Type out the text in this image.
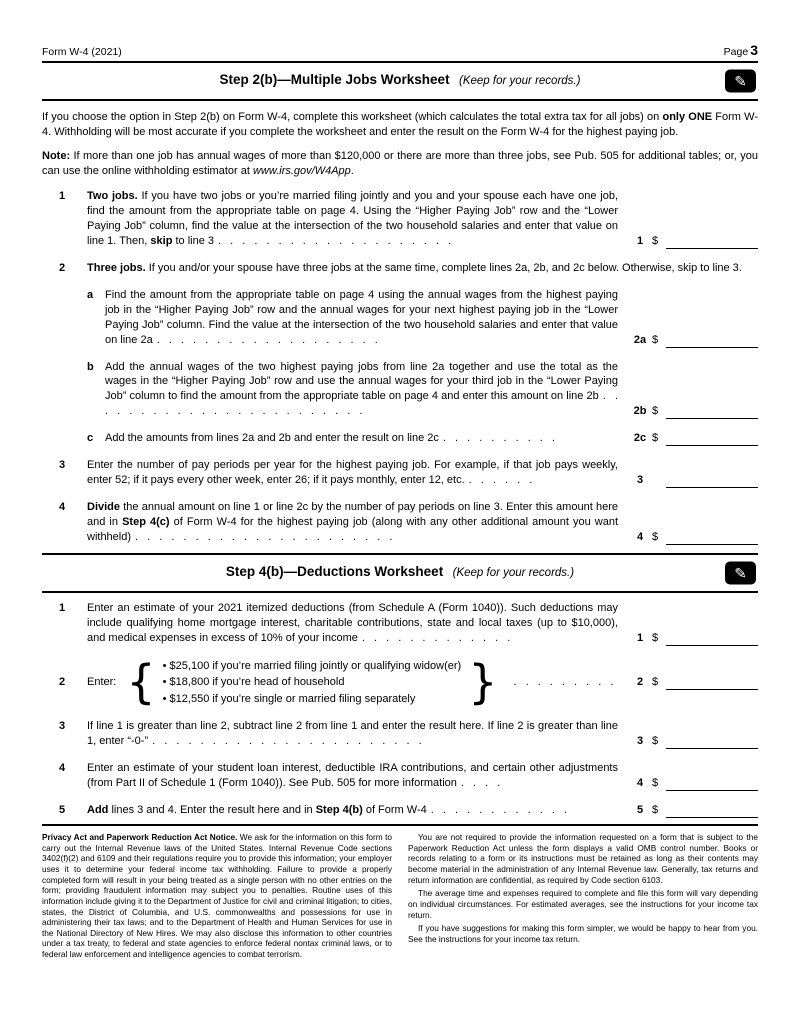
Form W-4 (2021)	Page 3
Step 2(b)—Multiple Jobs Worksheet (Keep for your records.)	✎
If you choose the option in Step 2(b) on Form W-4, complete this worksheet (which calculates the total extra tax for all jobs) on only ONE Form W-4. Withholding will be most accurate if you complete the worksheet and enter the result on the Form W-4 for the highest paying job.
Note: If more than one job has annual wages of more than $120,000 or there are more than three jobs, see Pub. 505 for additional tables; or, you can use the online withholding estimator at www.irs.gov/W4App.
1	Two jobs. If you have two jobs or you’re married filing jointly and you and your spouse each have one job, find the amount from the appropriate table on page 4. Using the “Higher Paying Job” row and the “Lower Paying Job” column, find the value at the intersection of the two household salaries and enter that value on line 1. Then, skip to line 3 . . . . . . . . . . . . . . . . . . . .	1 $
2	Three jobs. If you and/or your spouse have three jobs at the same time, complete lines 2a, 2b, and 2c below. Otherwise, skip to line 3.
a	Find the amount from the appropriate table on page 4 using the annual wages from the highest paying job in the “Higher Paying Job” row and the annual wages for your next highest paying job in the “Lower Paying Job” column. Find the value at the intersection of the two household salaries and enter that value on line 2a . . . . . . . . . . . . . . . . . . .	2a $
b	Add the annual wages of the two highest paying jobs from line 2a together and use the total as the wages in the “Higher Paying Job” row and use the annual wages for your third job in the “Lower Paying Job” column to find the amount from the appropriate table on page 4 and enter this amount on line 2b . . . . . . . . . . . . . . . . . . . . . . . .	2b $
c	Add the amounts from lines 2a and 2b and enter the result on line 2c . . . . . . . . . .	2c $
3	Enter the number of pay periods per year for the highest paying job. For example, if that job pays weekly, enter 52; if it pays every other week, enter 26; if it pays monthly, enter 12, etc. . . . . . .	3
4	Divide the annual amount on line 1 or line 2c by the number of pay periods on line 3. Enter this amount here and in Step 4(c) of Form W-4 for the highest paying job (along with any other additional amount you want withheld) . . . . . . . . . . . . . . . . . . . . . .	4 $
Step 4(b)—Deductions Worksheet (Keep for your records.)	✎
1	Enter an estimate of your 2021 itemized deductions (from Schedule A (Form 1040)). Such deductions may include qualifying home mortgage interest, charitable contributions, state and local taxes (up to $10,000), and medical expenses in excess of 10% of your income . . . . . . . . . . . . .	1 $
2	Enter: { • $25,100 if you’re married filing jointly or qualifying widow(er)
• $18,800 if you’re head of household
• $12,550 if you’re single or married filing separately	}	. . . . . . . . .	2 $
3	If line 1 is greater than line 2, subtract line 2 from line 1 and enter the result here. If line 2 is greater than line 1, enter “-0-” . . . . . . . . . . . . . . . . . . . . . . .	3 $
4	Enter an estimate of your student loan interest, deductible IRA contributions, and certain other adjustments (from Part II of Schedule 1 (Form 1040)). See Pub. 505 for more information . . . .	4 $
5	Add lines 3 and 4. Enter the result here and in Step 4(b) of Form W-4 . . . . . . . . . . . .	5 $

Privacy Act and Paperwork Reduction Act Notice. We ask for the information on this form to carry out the Internal Revenue laws of the United States. Internal Revenue Code sections 3402(f)(2) and 6109 and their regulations require you to provide this information; your employer uses it to determine your federal income tax withholding. Failure to provide a properly completed form will result in your being treated as a single person with no other entries on the form; providing fraudulent information may subject you to penalties. Routine uses of this information include giving it to the Department of Justice for civil and criminal litigation; to cities, states, the District of Columbia, and U.S. commonwealths and possessions for use in administering their tax laws; and to the Department of Health and Human Services for use in the National Directory of New Hires. We may also disclose this information to other countries under a tax treaty, to federal and state agencies to enforce federal nontax criminal laws, or to federal law enforcement and intelligence agencies to combat terrorism.

You are not required to provide the information requested on a form that is subject to the Paperwork Reduction Act unless the form displays a valid OMB control number. Books or records relating to a form or its instructions must be retained as long as their contents may become material in the administration of any Internal Revenue law. Generally, tax returns and return information are confidential, as required by Code section 6103.

The average time and expenses required to complete and file this form will vary depending on individual circumstances. For estimated averages, see the instructions for your income tax return.

If you have suggestions for making this form simpler, we would be happy to hear from you. See the instructions for your income tax return.
